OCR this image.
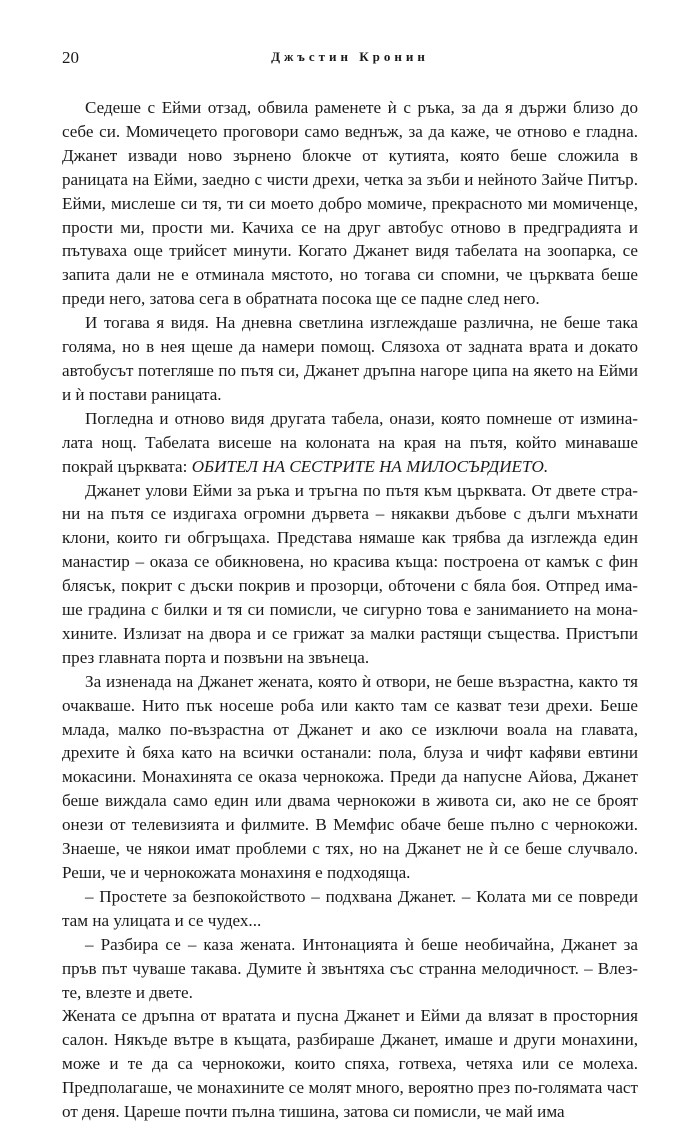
20	Джъстин Кронин

Седеше с Ейми отзад, обвила раменете ѝ с ръка, за да я държи близо до себе си. Момичецето проговори само веднъж, за да каже, че отново е гладна. Джанет извади ново зърнено блокче от кутията, която беше сложила в раницата на Ейми, заедно с чисти дрехи, четка за зъби и нейното Зайче Питър. Ейми, мислеше си тя, ти си моето добро момиче, прекрасното ми момиченце, прости ми, прости ми. Качиха се на друг автобус отново в предградията и пътуваха още трийсет минути. Когато Джанет видя табелата на зоопарка, се запита дали не е отминала мястото, но тогава си спомни, че църквата беше преди него, затова сега в обратната посока ще се падне след него.

И тогава я видя. На дневна светлина изглеждаше различна, не беше така голяма, но в нея щеше да намери помощ. Слязоха от задната врата и докато автобусът потегляше по пътя си, Джанет дръпна нагоре ципа на якето на Ейми и ѝ постави раницата.

Погледна и отново видя другата табела, онази, която помнеше от изминалата нощ. Табелата висеше на колоната на края на пътя, който минаваше покрай църквата: ОБИТЕЛ НА СЕСТРИТЕ НА МИЛОСЪРДИЕТО.

Джанет улови Ейми за ръка и тръгна по пътя към църквата. От двете страни на пътя се издигаха огромни дървета – някакви дъбове с дълги мъхнати клони, които ги обгръщаха. Представа нямаше как трябва да изглежда един манастир – оказа се обикновена, но красива къща: построена от камък с фин блясък, покрит с дъски покрив и прозорци, обточени с бяла боя. Отпред имаше градина с билки и тя си помисли, че сигурно това е заниманието на монахините. Излизат на двора и се грижат за малки растящи същества. Пристъпи през главната порта и позвъни на звънеца.

За изненада на Джанет жената, която ѝ отвори, не беше възрастна, както тя очакваше. Нито пък носеше роба или както там се казват тези дрехи. Беше млада, малко по-възрастна от Джанет и ако се изключи воала на главата, дрехите ѝ бяха като на всички останали: пола, блуза и чифт кафяви евтини мокасини. Монахинята се оказа чернокожа. Преди да напусне Айова, Джанет беше виждала само един или двама чернокожи в живота си, ако не се броят онези от телевизията и филмите. В Мемфис обаче беше пълно с чернокожи. Знаеше, че някои имат проблеми с тях, но на Джанет не ѝ се беше случвало. Реши, че и чернокожата монахиня е подходяща.

– Простете за безпокойството – подхвана Джанет. – Колата ми се повреди там на улицата и се чудех...

– Разбира се – каза жената. Интонацията ѝ беше необичайна, Джанет за пръв път чуваше такава. Думите ѝ звънтяха със странна мелодичност. – Влезте, влезте и двете.

Жената се дръпна от вратата и пусна Джанет и Ейми да влязат в просторния салон. Някъде вътре в къщата, разбираше Джанет, имаше и други монахини, може и те да са чернокожи, които спяха, готвеха, четяха или се молеха. Предполагаше, че монахините се молят много, вероятно през по-голямата част от деня. Цареше почти пълна тишина, затова си помисли, че май има
